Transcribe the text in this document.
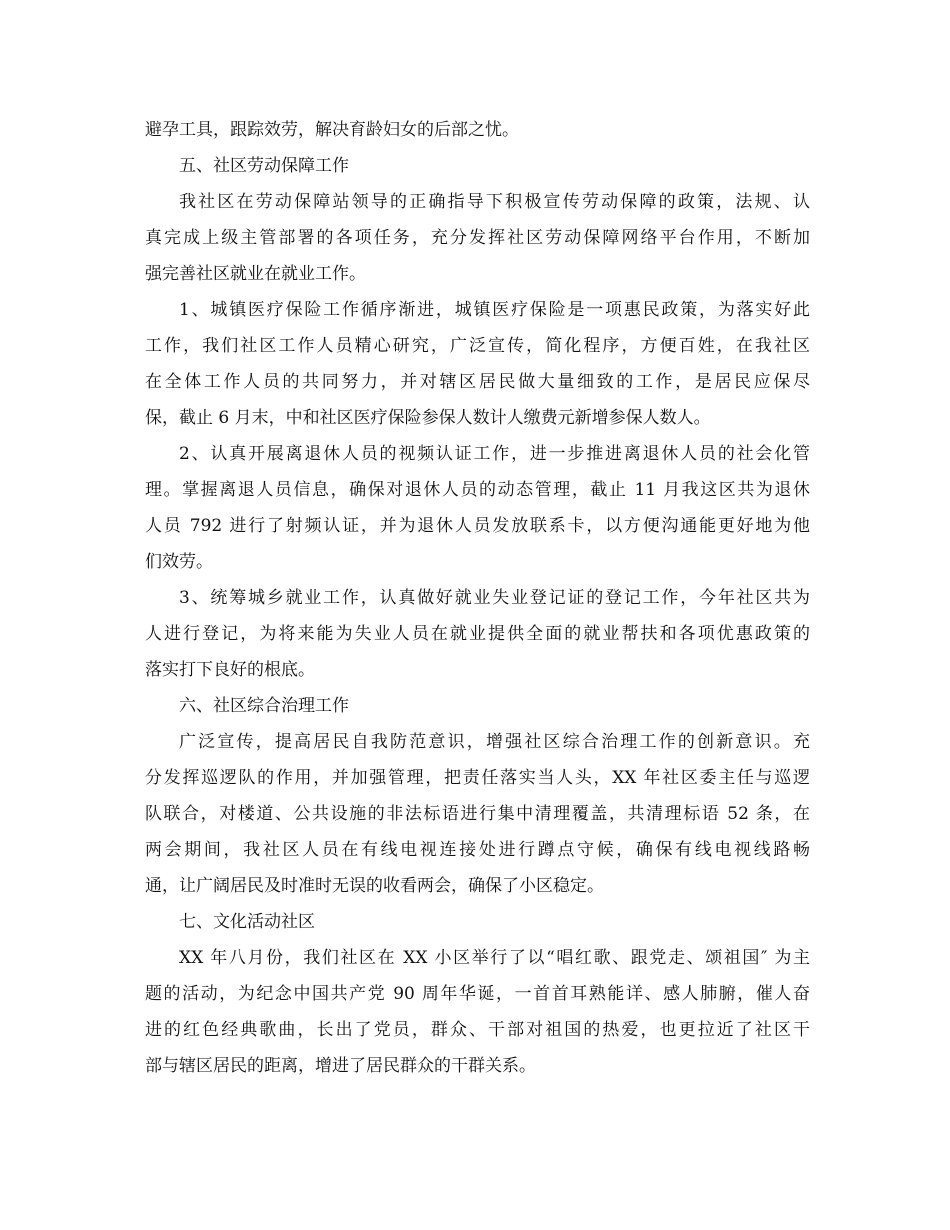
避孕工具，跟踪效劳，解决育龄妇女的后部之忧。
五、社区劳动保障工作
我社区在劳动保障站领导的正确指导下积极宣传劳动保障的政策，法规、认
真完成上级主管部署的各项任务，充分发挥社区劳动保障网络平台作用，不断加
强完善社区就业在就业工作。
1、城镇医疗保险工作循序渐进，城镇医疗保险是一项惠民政策，为落实好此
工作，我们社区工作人员精心研究，广泛宣传，简化程序，方便百姓，在我社区
在全体工作人员的共同努力，并对辖区居民做大量细致的工作，是居民应保尽
保，截止 6 月末，中和社区医疗保险参保人数计人缴费元新增参保人数人。
2、认真开展离退休人员的视频认证工作，进一步推进离退休人员的社会化管
理。掌握离退人员信息，确保对退休人员的动态管理，截止 11 月我这区共为退休
人员 792 进行了射频认证，并为退休人员发放联系卡，以方便沟通能更好地为他
们效劳。
3、统筹城乡就业工作，认真做好就业失业登记证的登记工作，今年社区共为
人进行登记，为将来能为失业人员在就业提供全面的就业帮扶和各项优惠政策的
落实打下良好的根底。
六、社区综合治理工作
广泛宣传，提高居民自我防范意识，增强社区综合治理工作的创新意识。充
分发挥巡逻队的作用，并加强管理，把责任落实当人头，XX 年社区委主任与巡逻
队联合，对楼道、公共设施的非法标语进行集中清理覆盖，共清理标语 52 条，在
两会期间，我社区人员在有线电视连接处进行蹲点守候，确保有线电视线路畅
通，让广阔居民及时准时无误的收看两会，确保了小区稳定。
七、文化活动社区
XX 年八月份，我们社区在 XX 小区举行了以“唱红歌、跟党走、颂祖国″ 为主
题的活动，为纪念中国共产党 90 周年华诞，一首首耳熟能详、感人肺腑，催人奋
进的红色经典歌曲，长出了党员，群众、干部对祖国的热爱，也更拉近了社区干
部与辖区居民的距离，增进了居民群众的干群关系。
